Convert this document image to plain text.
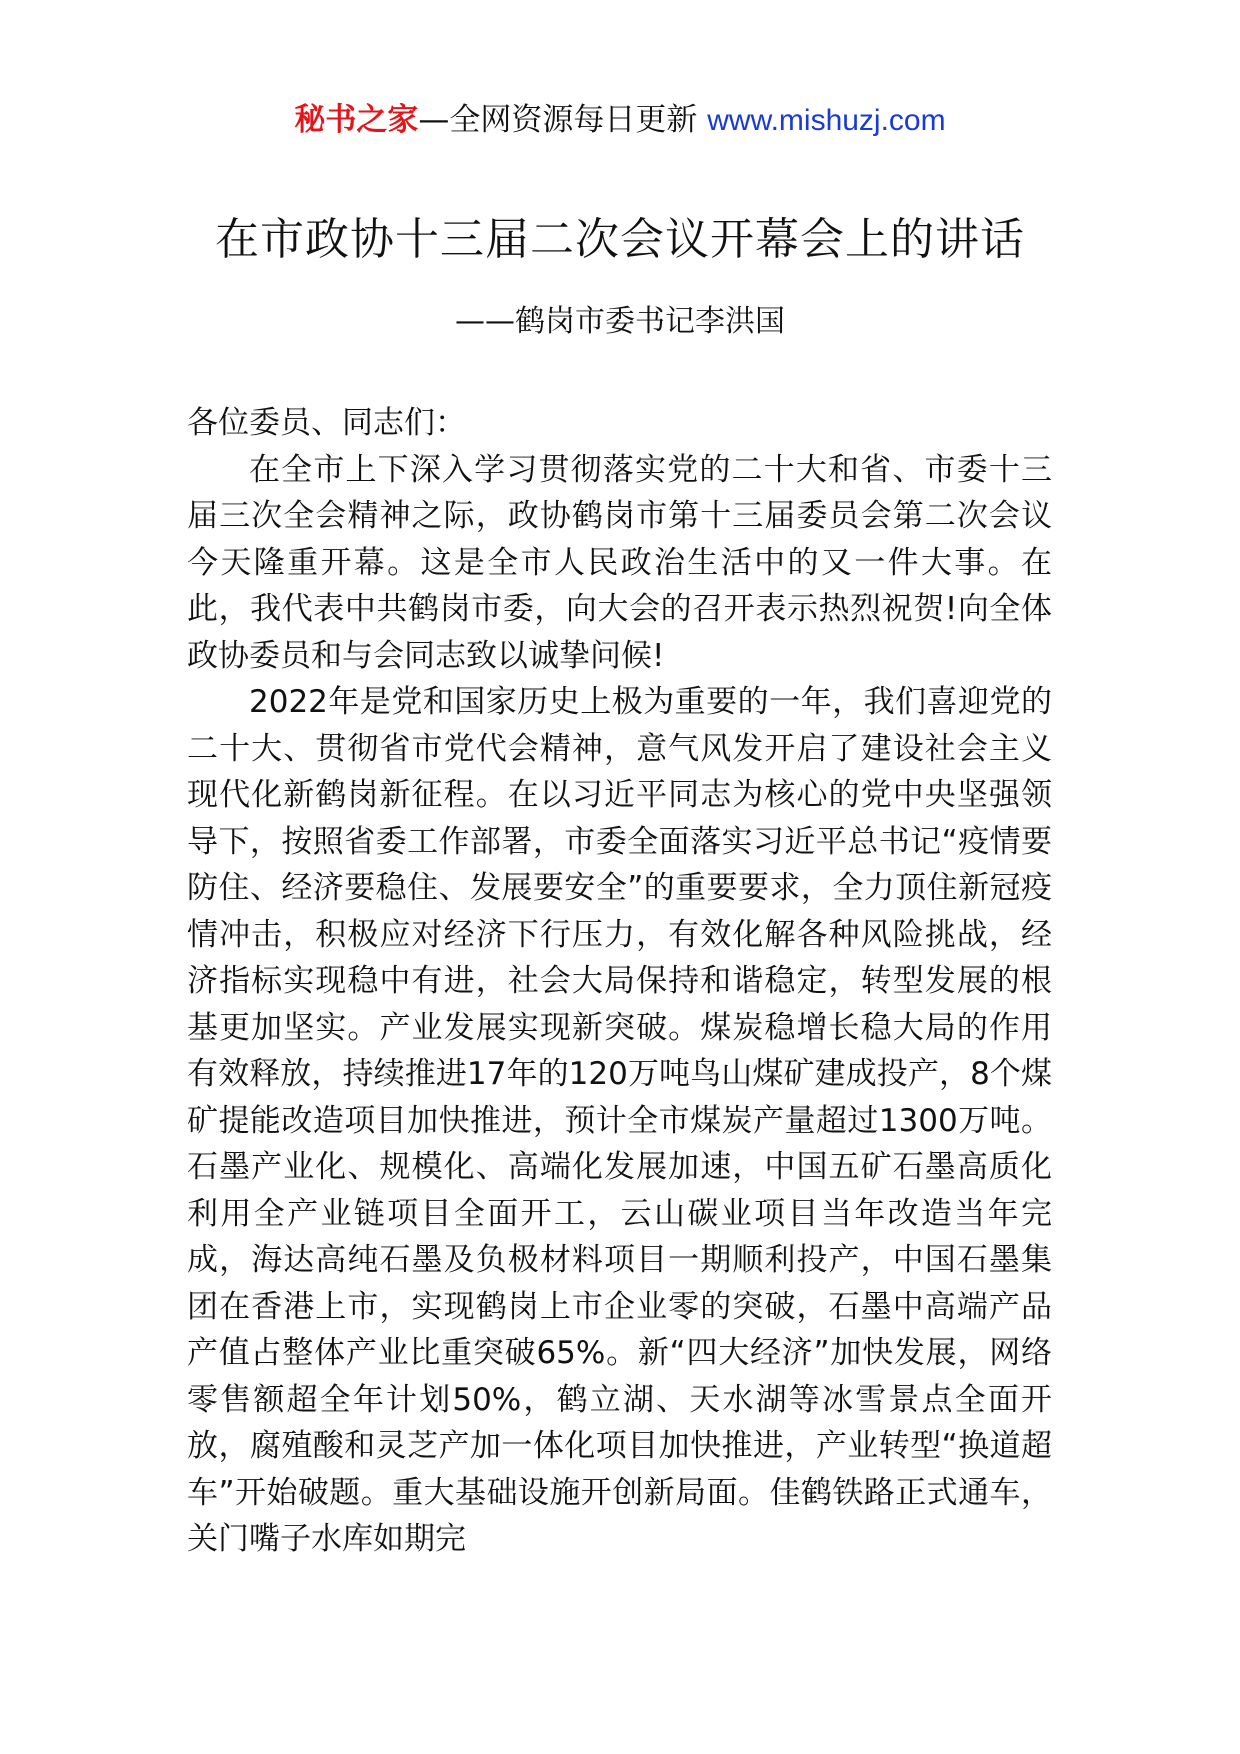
秘书之家—全网资源每日更新 www.mishuzj.com
在市政协十三届二次会议开幕会上的讲话
——鹤岗市委书记李洪国

各位委员、同志们：

在全市上下深入学习贯彻落实党的二十大和省、市委十三届三次全会精神之际，政协鹤岗市第十三届委员会第二次会议今天隆重开幕。这是全市人民政治生活中的又一件大事。在此，我代表中共鹤岗市委，向大会的召开表示热烈祝贺!向全体政协委员和与会同志致以诚挚问候!

2022年是党和国家历史上极为重要的一年，我们喜迎党的二十大、贯彻省市党代会精神，意气风发开启了建设社会主义现代化新鹤岗新征程。在以习近平同志为核心的党中央坚强领导下，按照省委工作部署，市委全面落实习近平总书记“疫情要防住、经济要稳住、发展要安全”的重要要求，全力顶住新冠疫情冲击，积极应对经济下行压力，有效化解各种风险挑战，经济指标实现稳中有进，社会大局保持和谐稳定，转型发展的根基更加坚实。产业发展实现新突破。煤炭稳增长稳大局的作用有效释放，持续推进17年的120万吨鸟山煤矿建成投产，8个煤矿提能改造项目加快推进，预计全市煤炭产量超过1300万吨。石墨产业化、规模化、高端化发展加速，中国五矿石墨高质化利用全产业链项目全面开工，云山碳业项目当年改造当年完成，海达高纯石墨及负极材料项目一期顺利投产，中国石墨集团在香港上市，实现鹤岗上市企业零的突破，石墨中高端产品产值占整体产业比重突破65%。新“四大经济”加快发展，网络零售额超全年计划50%，鹤立湖、天水湖等冰雪景点全面开放，腐殖酸和灵芝产加一体化项目加快推进，产业转型“换道超车”开始破题。重大基础设施开创新局面。佳鹤铁路正式通车，关门嘴子水库如期完
